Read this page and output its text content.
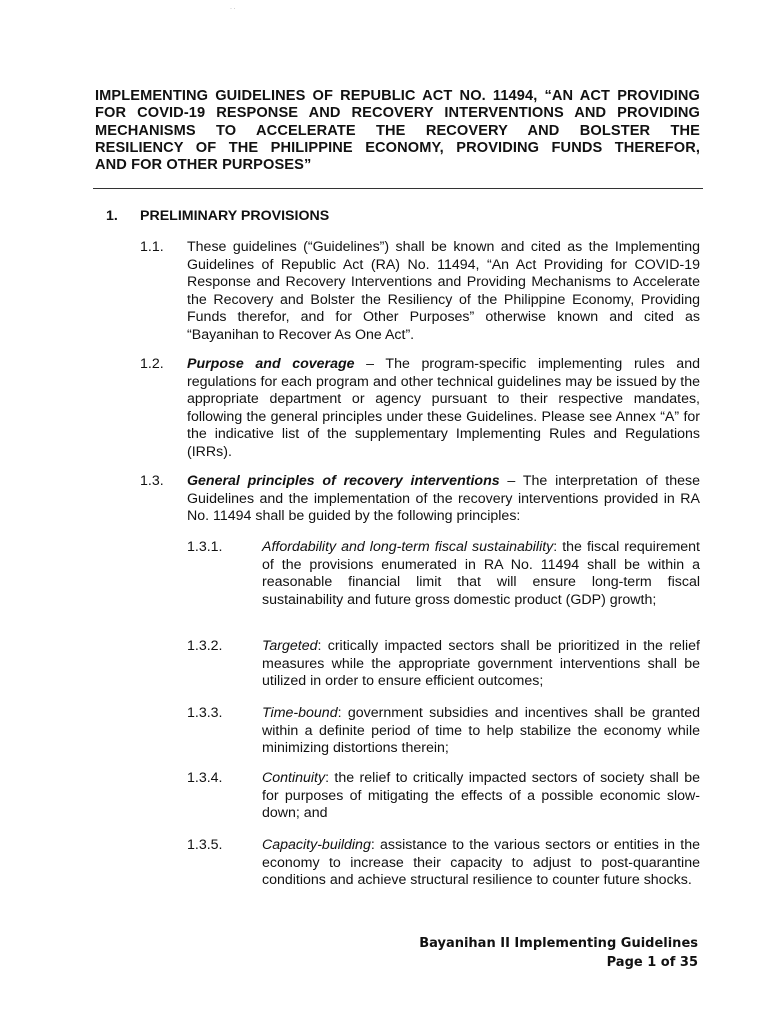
· ·
IMPLEMENTING GUIDELINES OF REPUBLIC ACT NO. 11494, “AN ACT PROVIDING
FOR COVID-19 RESPONSE AND RECOVERY INTERVENTIONS AND PROVIDING
MECHANISMS TO ACCELERATE THE RECOVERY AND BOLSTER THE
RESILIENCY OF THE PHILIPPINE ECONOMY, PROVIDING FUNDS THEREFOR,
AND FOR OTHER PURPOSES”
1. PRELIMINARY PROVISIONS
1.1. These guidelines (“Guidelines”) shall be known and cited as the Implementing Guidelines of Republic Act (RA) No. 11494, “An Act Providing for COVID-19 Response and Recovery Interventions and Providing Mechanisms to Accelerate the Recovery and Bolster the Resiliency of the Philippine Economy, Providing Funds therefor, and for Other Purposes” otherwise known and cited as “Bayanihan to Recover As One Act”.
1.2. Purpose and coverage – The program-specific implementing rules and regulations for each program and other technical guidelines may be issued by the appropriate department or agency pursuant to their respective mandates, following the general principles under these Guidelines. Please see Annex “A” for the indicative list of the supplementary Implementing Rules and Regulations (IRRs).
1.3. General principles of recovery interventions – The interpretation of these Guidelines and the implementation of the recovery interventions provided in RA No. 11494 shall be guided by the following principles:
1.3.1.	Affordability and long-term fiscal sustainability: the fiscal requirement of the provisions enumerated in RA No. 11494 shall be within a reasonable financial limit that will ensure long-term fiscal sustainability and future gross domestic product (GDP) growth;
1.3.2.	Targeted: critically impacted sectors shall be prioritized in the relief measures while the appropriate government interventions shall be utilized in order to ensure efficient outcomes;
1.3.3.	Time-bound: government subsidies and incentives shall be granted within a definite period of time to help stabilize the economy while minimizing distortions therein;
1.3.4.	Continuity: the relief to critically impacted sectors of society shall be for purposes of mitigating the effects of a possible economic slow-down; and
1.3.5.	Capacity-building: assistance to the various sectors or entities in the economy to increase their capacity to adjust to post-quarantine conditions and achieve structural resilience to counter future shocks.
Bayanihan II Implementing Guidelines
Page 1 of 35
